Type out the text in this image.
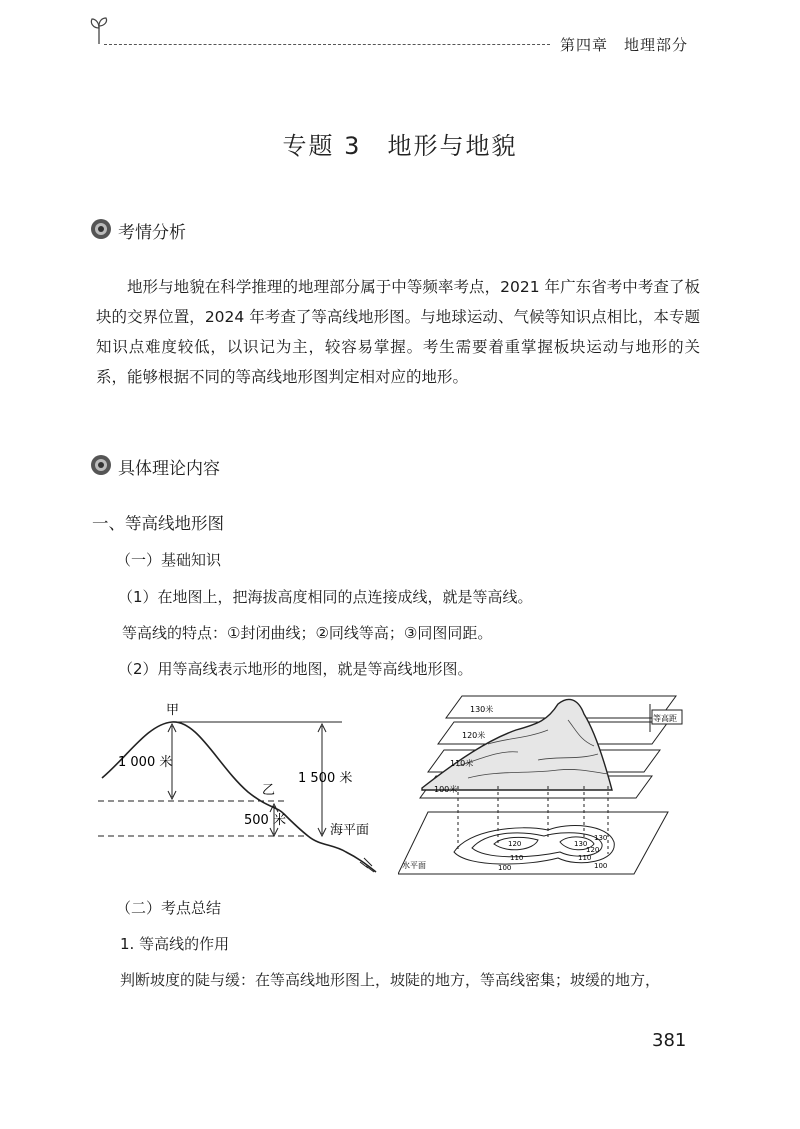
第四章　地理部分
专题 3　地形与地貌
考情分析
地形与地貌在科学推理的地理部分属于中等频率考点，2021 年广东省考中考查了板块的交界位置，2024 年考查了等高线地形图。与地球运动、气候等知识点相比，本专题知识点难度较低，以识记为主，较容易掌握。考生需要着重掌握板块运动与地形的关系，能够根据不同的等高线地形图判定相对应的地形。
具体理论内容
一、等高线地形图
（一）基础知识
（1）在地图上，把海拔高度相同的点连接成线，就是等高线。
等高线的特点：①封闭曲线；②同线等高；③同图同距。
（2）用等高线表示地形的地图，就是等高线地形图。
甲
乙
1 000 米
1 500 米
500 米
海平面
等高距
130米
120米
110米
100米
水平面
120	130
130
120
110	110
100	100
（二）考点总结
1. 等高线的作用
判断坡度的陡与缓：在等高线地形图上，坡陡的地方，等高线密集；坡缓的地方，
381
